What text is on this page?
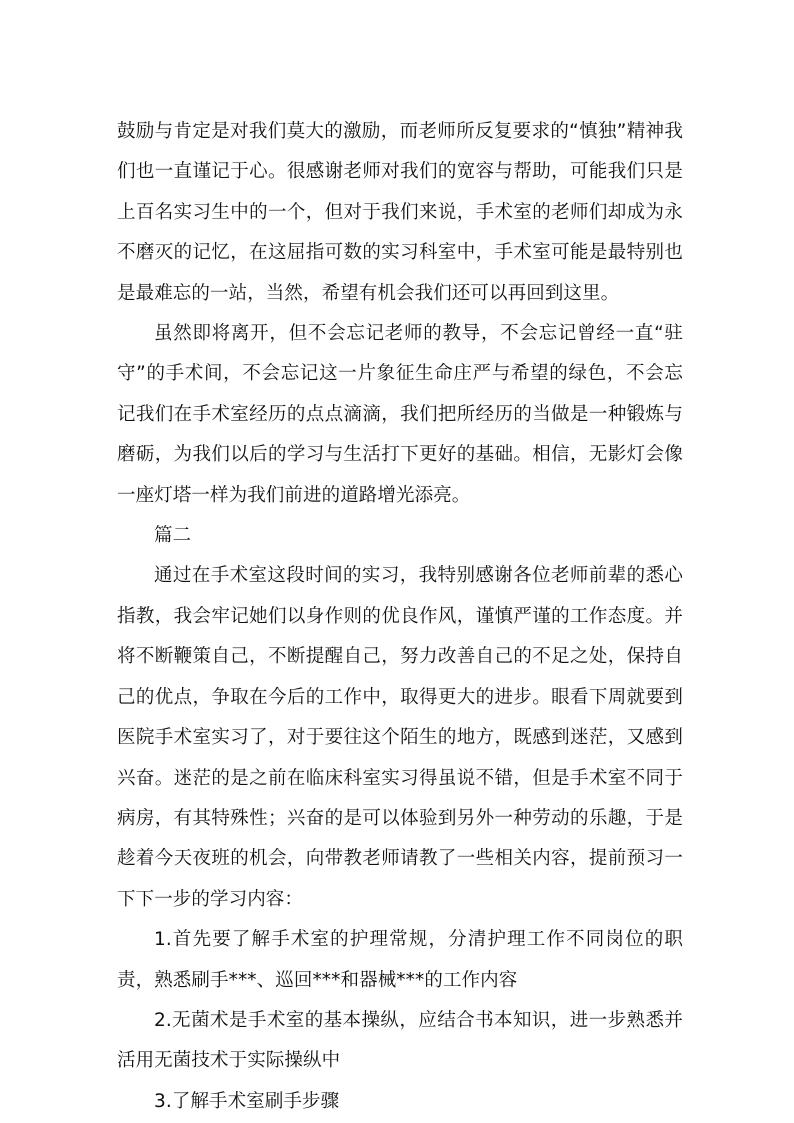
鼓励与肯定是对我们莫大的激励，而老师所反复要求的“慎独”精神我们也一直谨记于心。很感谢老师对我们的宽容与帮助，可能我们只是上百名实习生中的一个，但对于我们来说，手术室的老师们却成为永不磨灭的记忆，在这屈指可数的实习科室中，手术室可能是最特别也是最难忘的一站，当然，希望有机会我们还可以再回到这里。

虽然即将离开，但不会忘记老师的教导，不会忘记曾经一直“驻守”的手术间，不会忘记这一片象征生命庄严与希望的绿色，不会忘记我们在手术室经历的点点滴滴，我们把所经历的当做是一种锻炼与磨砺，为我们以后的学习与生活打下更好的基础。相信，无影灯会像一座灯塔一样为我们前进的道路增光添亮。

篇二

通过在手术室这段时间的实习，我特别感谢各位老师前辈的悉心指教，我会牢记她们以身作则的优良作风，谨慎严谨的工作态度。并将不断鞭策自己，不断提醒自己，努力改善自己的不足之处，保持自己的优点，争取在今后的工作中，取得更大的进步。眼看下周就要到医院手术室实习了，对于要往这个陌生的地方，既感到迷茫，又感到兴奋。迷茫的是之前在临床科室实习得虽说不错，但是手术室不同于病房，有其特殊性；兴奋的是可以体验到另外一种劳动的乐趣，于是趁着今天夜班的机会，向带教老师请教了一些相关内容，提前预习一下下一步的学习内容：

1.首先要了解手术室的护理常规，分清护理工作不同岗位的职责，熟悉刷手***、巡回***和器械***的工作内容

2.无菌术是手术室的基本操纵，应结合书本知识，进一步熟悉并活用无菌技术于实际操纵中

3.了解手术室刷手步骤
